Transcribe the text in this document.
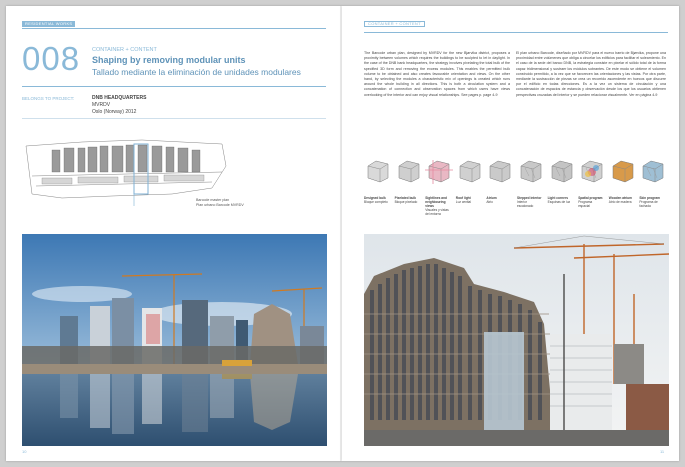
RESIDENTIAL WORKS
008 CONTAINER + CONTENT
Shaping by removing modular units
Tallado mediante la eliminación de unidades modulares
BELONGS TO PROJECT:	DNB HEADQUARTERS
MVRDV
Oslo (Norway) 2012
Barcode master plan
Plan urbano Barcode MVRDV
10
CONTAINER + CONTENT
The Barcode urban plan, designed by MVRDV for the new Bjørvika district, proposes a proximity between volumes which requires the buildings to be sculpted to let in daylight. In the case of the DNB bank headquarters, the strategy involves pixelating the total bulk of the specified 3D form and removing the excess modules. This enables the permitted bulk volume to be obtained and also creates favourable orientation and views. On the other hand, by selecting the modules a characteristic mix of openings is created which runs around the whole building in all directions. This is both a circulation system and a concatenation of connection and observation spaces from which users have views overlooking of the interior and can enjoy visual relationships. See pages p. page 4-9
El plan urbano Barcode, diseñado por MVRDV para el nuevo barrio de Bjørvika, propone una proximidad entre volúmenes que obliga a cincelar los edificios para facilitar el soleamiento. En el caso de la sede del banco DNB, la estrategia consiste en pixelar el sólido total de la forma capaz tridimensional y sustraer los módulos sobrantes. De este modo se obtiene el volumen construido permitido, a la vez que se favorecen las orientaciones y las vistas. Por otra parte, mediante la sustracción de piezas se crea un recorrido ascendente en huecos que discurre por el edificio en todas direcciones. Es a la vez un sistema de circulación y una concatenación de espacios de estancia y observación desde los que los usuarios obtienen perspectivas cruzadas del interior y se pueden relacionar visualmente. Ver en página 4-9
Designed bulk
Bloque completo
Pixelated bulk
Bloque pixelado
Sightlines and neighbouring views
Visuales y vistas del entorno
Roof light
Luz cenital
Atrium
Atrio
Stepped interior
Interior escalonado
Light corners
Esquinas de luz
Spatial program
Programa espacial
Wooden atrium
Atrio de madera
Skin program
Programa de fachada
11
